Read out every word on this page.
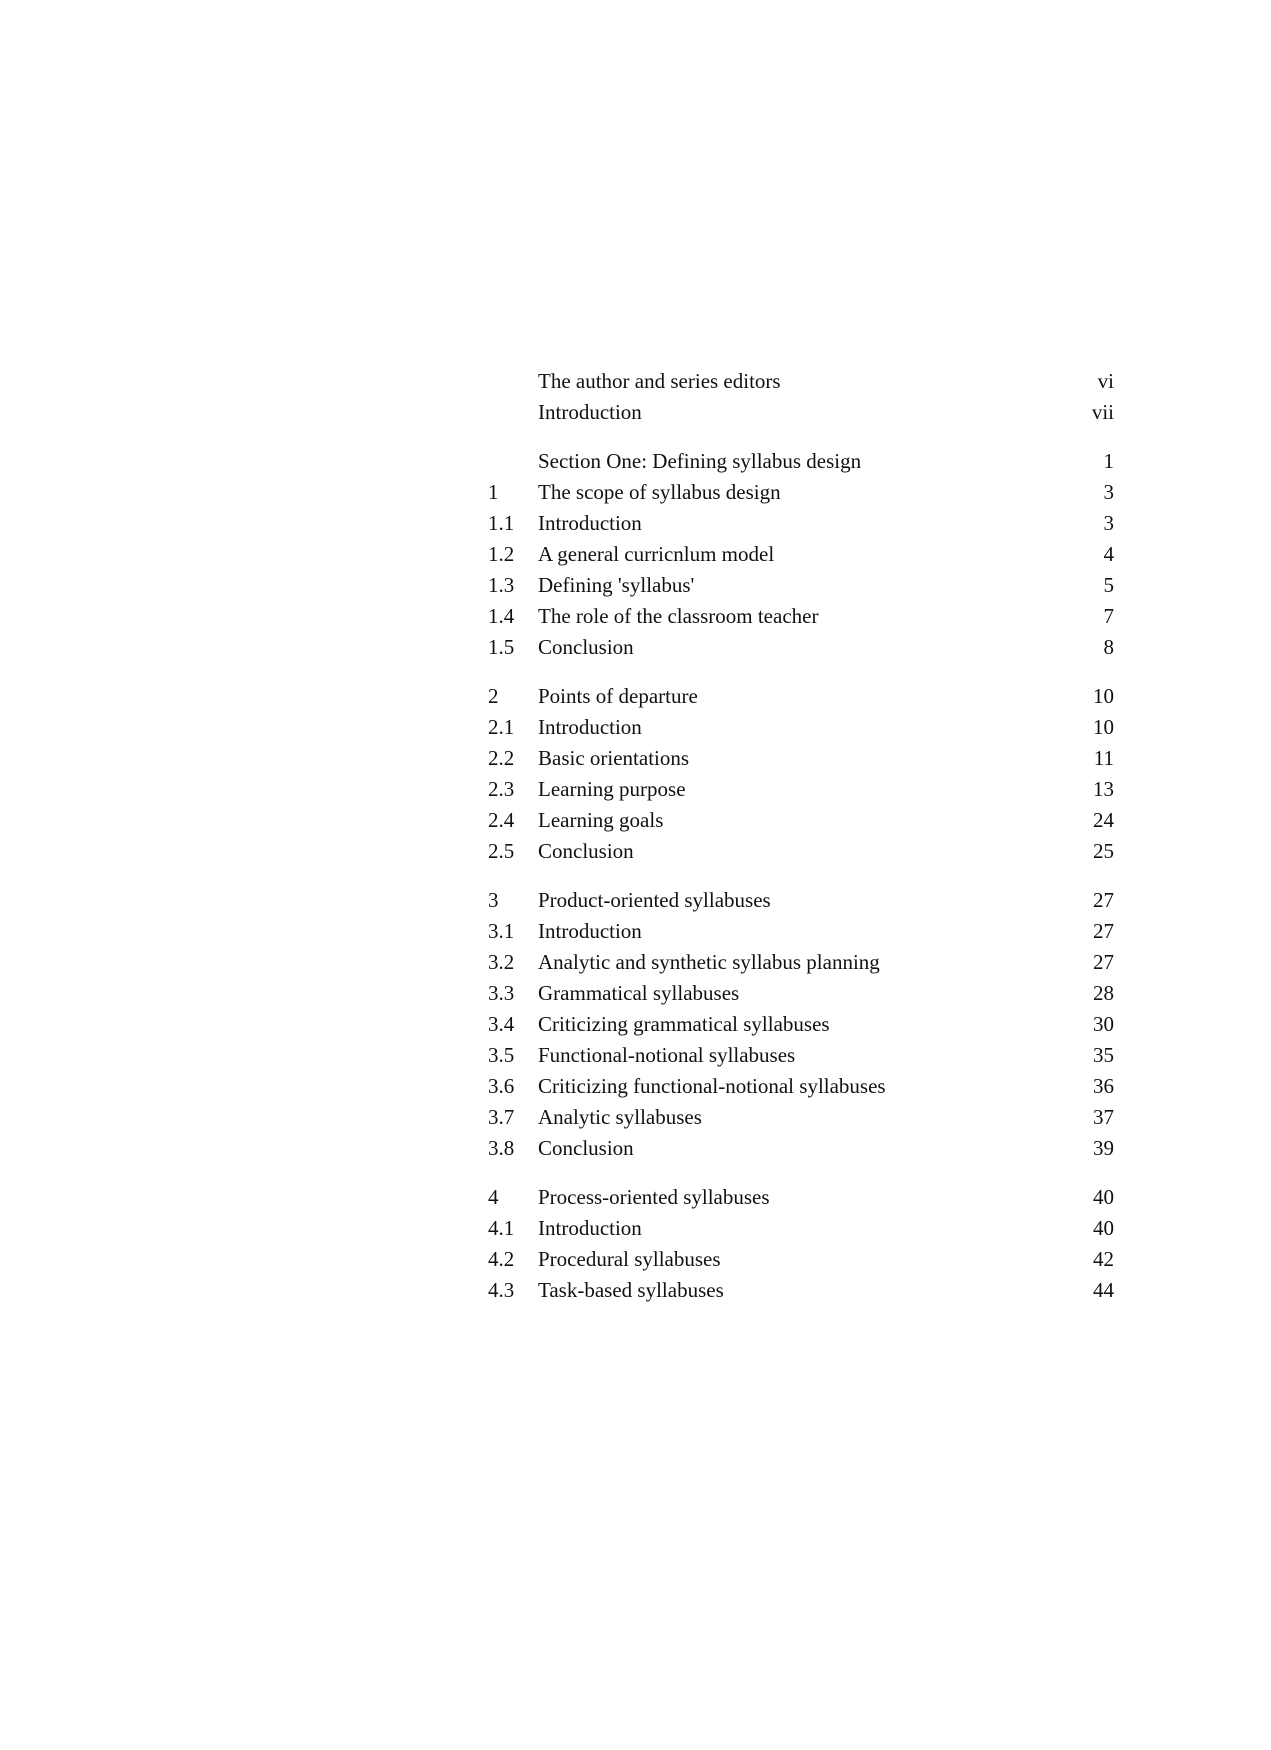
The author and series editors	vi
Introduction	vii
Section One: Defining syllabus design	1
1	The scope of syllabus design	3
1.1	Introduction	3
1.2	A general curricnlum model	4
1.3	Defining 'syllabus'	5
1.4	The role of the classroom teacher	7
1.5	Conclusion	8
2	Points of departure	10
2.1	Introduction	10
2.2	Basic orientations	11
2.3	Learning purpose	13
2.4	Learning goals	24
2.5	Conclusion	25
3	Product-oriented syllabuses	27
3.1	Introduction	27
3.2	Analytic and synthetic syllabus planning	27
3.3	Grammatical syllabuses	28
3.4	Criticizing grammatical syllabuses	30
3.5	Functional-notional syllabuses	35
3.6	Criticizing functional-notional syllabuses	36
3.7	Analytic syllabuses	37
3.8	Conclusion	39
4	Process-oriented syllabuses	40
4.1	Introduction	40
4.2	Procedural syllabuses	42
4.3	Task-based syllabuses	44
